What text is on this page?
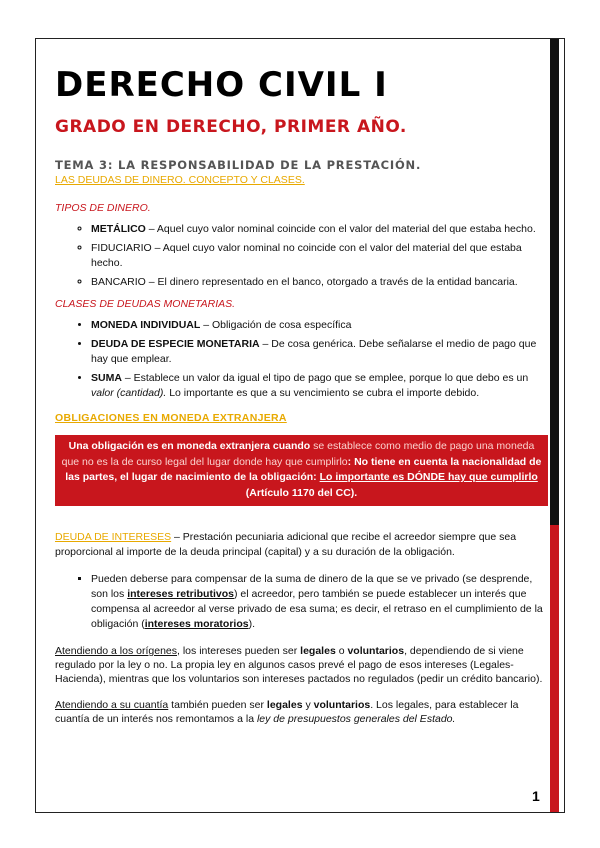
DERECHO CIVIL I
GRADO EN DERECHO, PRIMER AÑO.
TEMA 3: LA RESPONSABILIDAD DE LA PRESTACIÓN.
LAS DEUDAS DE DINERO. CONCEPTO Y CLASES.
TIPOS DE DINERO.
◦ METÁLICO – Aquel cuyo valor nominal coincide con el valor del material del que estaba hecho.
◦ FIDUCIARIO – Aquel cuyo valor nominal no coincide con el valor del material del que estaba hecho.
◦ BANCARIO – El dinero representado en el banco, otorgado a través de la entidad bancaria.
CLASES DE DEUDAS MONETARIAS.
• MONEDA INDIVIDUAL – Obligación de cosa específica
• DEUDA DE ESPECIE MONETARIA – De cosa genérica. Debe señalarse el medio de pago que hay que emplear.
• SUMA – Establece un valor da igual el tipo de pago que se emplee, porque lo que debo es un valor (cantidad). Lo importante es que a su vencimiento se cubra el importe debido.
OBLIGACIONES EN MONEDA EXTRANJERA
Una obligación es en moneda extranjera cuando se establece como medio de pago una moneda que no es la de curso legal del lugar donde hay que cumplirlo: No tiene en cuenta la nacionalidad de las partes, el lugar de nacimiento de la obligación: Lo importante es DÓNDE hay que cumplirlo (Artículo 1170 del CC).
DEUDA DE INTERESES – Prestación pecuniaria adicional que recibe el acreedor siempre que sea proporcional al importe de la deuda principal (capital) y a su duración de la obligación.
▪ Pueden deberse para compensar de la suma de dinero de la que se ve privado (se desprende, son los intereses retributivos) el acreedor, pero también se puede establecer un interés que compensa al acreedor al verse privado de esa suma; es decir, el retraso en el cumplimiento de la obligación (intereses moratorios).
Atendiendo a los orígenes, los intereses pueden ser legales o voluntarios, dependiendo de si viene regulado por la ley o no. La propia ley en algunos casos prevé el pago de esos intereses (Legales-Hacienda), mientras que los voluntarios son intereses pactados no regulados (pedir un crédito bancario).
Atendiendo a su cuantía también pueden ser legales y voluntarios. Los legales, para establecer la cuantía de un interés nos remontamos a la ley de presupuestos generales del Estado.
1
